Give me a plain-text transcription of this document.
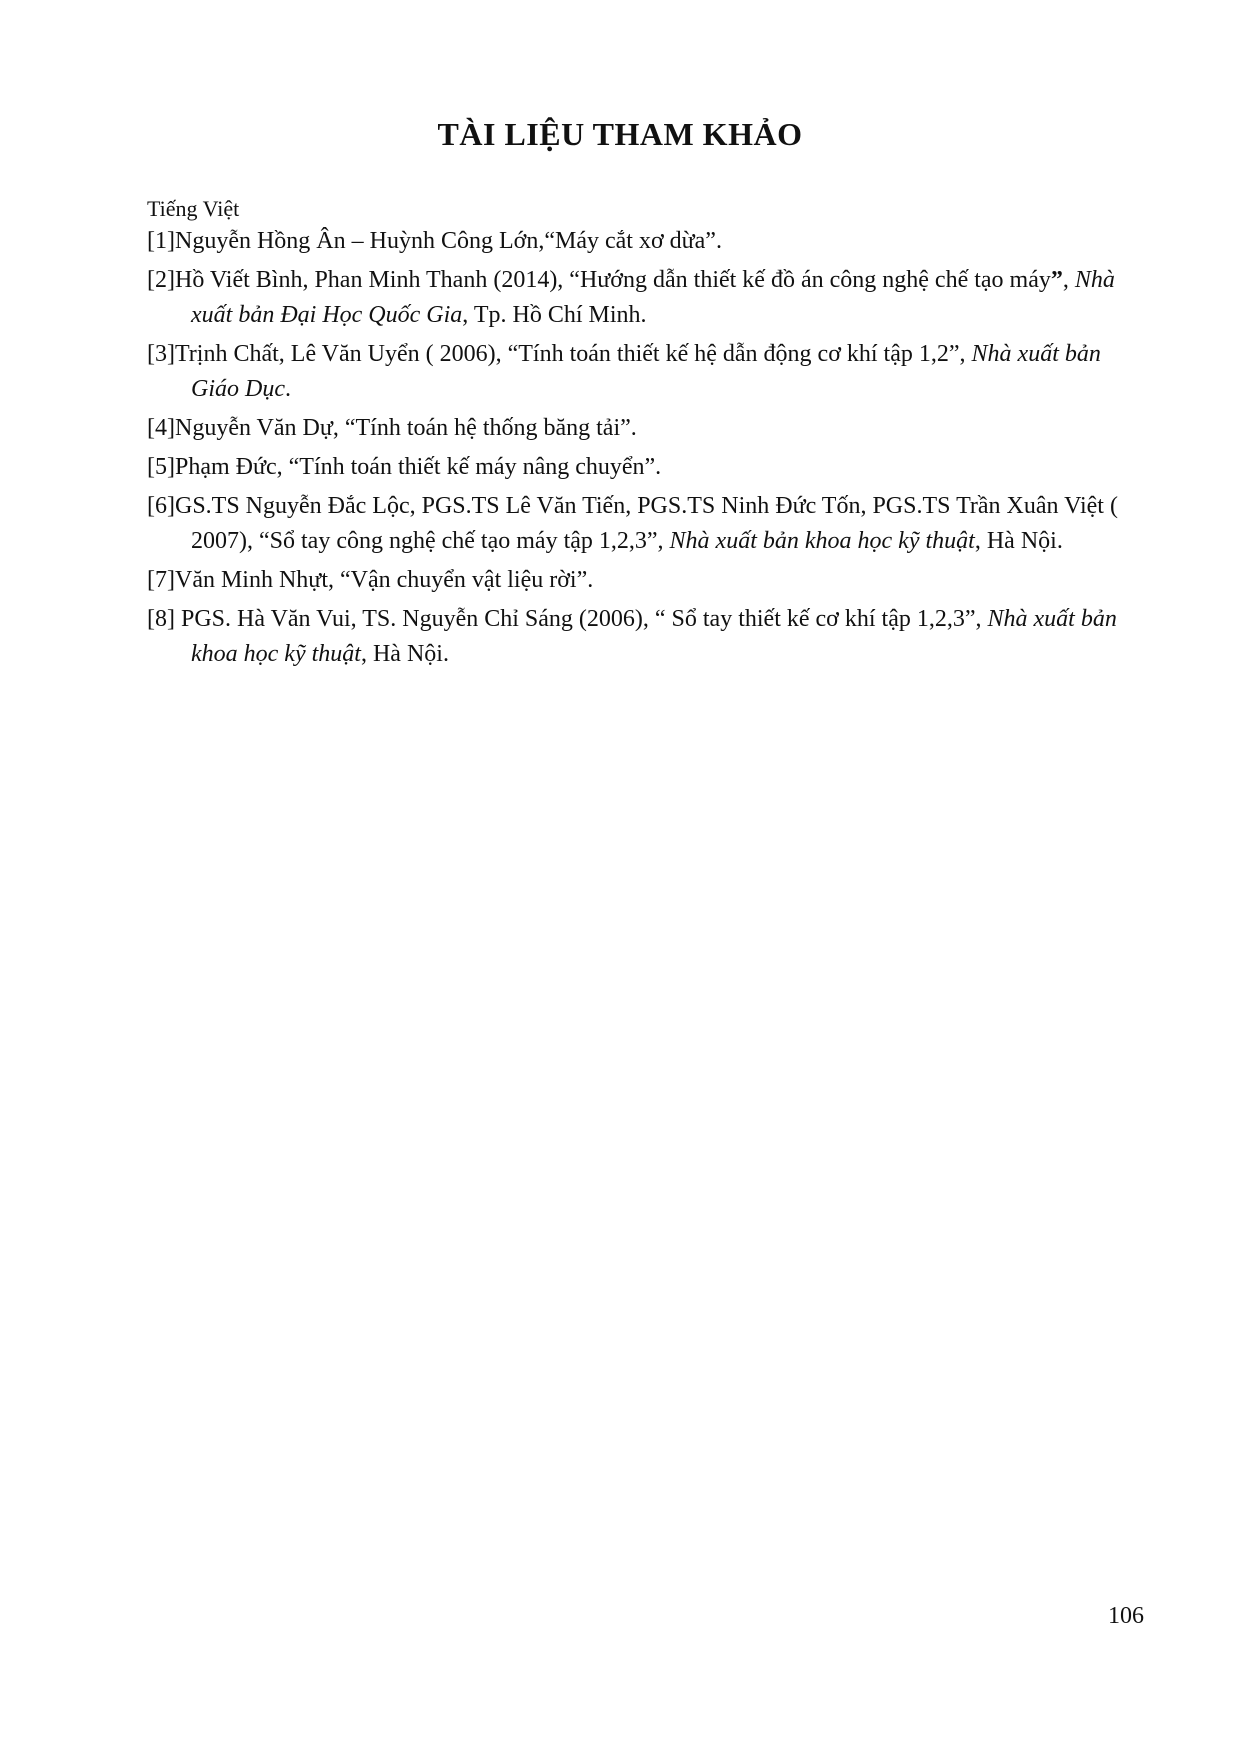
TÀI LIỆU THAM KHẢO
Tiếng Việt
[1]Nguyễn Hồng Ân – Huỳnh Công Lớn,“Máy cắt xơ dừa”.
[2]Hồ Viết Bình, Phan Minh Thanh (2014), “Hướng dẫn thiết kế đồ án công nghệ chế tạo máy”, Nhà xuất bản Đại Học Quốc Gia, Tp. Hồ Chí Minh.
[3]Trịnh Chất, Lê Văn Uyển ( 2006), “Tính toán thiết kế hệ dẫn động cơ khí tập 1,2”, Nhà xuất bản Giáo Dục.
[4]Nguyễn Văn Dự, “Tính toán hệ thống băng tải”.
[5]Phạm Đức, “Tính toán thiết kế máy nâng chuyển”.
[6]GS.TS Nguyễn Đắc Lộc, PGS.TS Lê Văn Tiến, PGS.TS Ninh Đức Tốn, PGS.TS Trần Xuân Việt ( 2007), “Sổ tay công nghệ chế tạo máy tập 1,2,3”, Nhà xuất bản khoa học kỹ thuật, Hà Nội.
[7]Văn Minh Nhựt, “Vận chuyển vật liệu rời”.
[8] PGS. Hà Văn Vui, TS. Nguyễn Chỉ Sáng (2006), “ Sổ tay thiết kế cơ khí tập 1,2,3”, Nhà xuất bản khoa học kỹ thuật, Hà Nội.
106
